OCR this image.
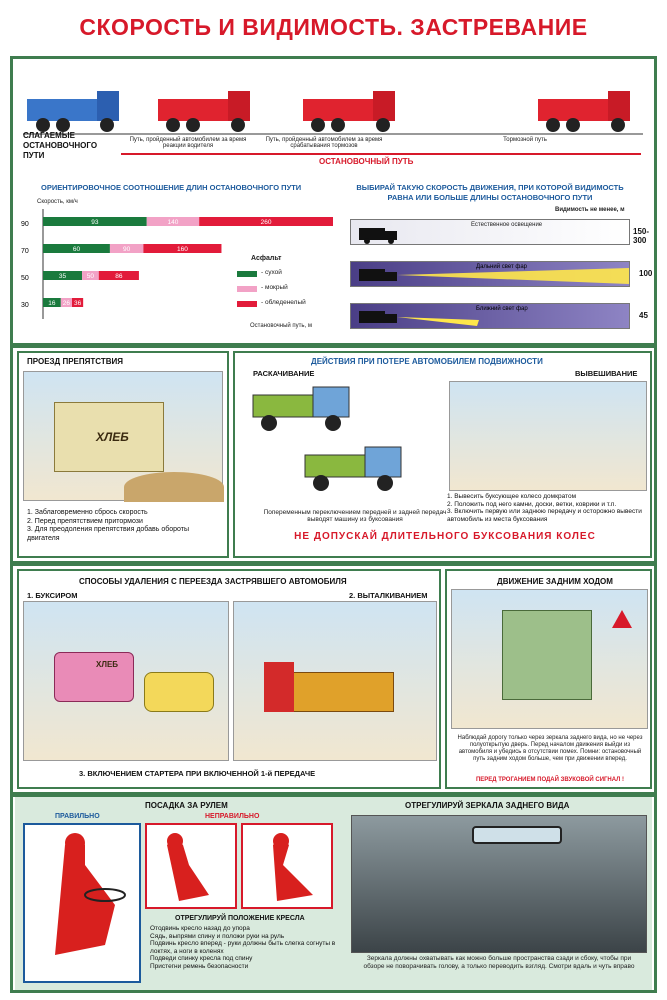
СКОРОСТЬ И ВИДИМОСТЬ. ЗАСТРЕВАНИЕ
СЛАГАЕМЫЕ ОСТАНОВОЧНОГО ПУТИ
Путь, пройденный автомобилем за время реакции водителя
Путь, пройденный автомобилем за время срабатывания тормозов
Тормозной путь
ОСТАНОВОЧНЫЙ ПУТЬ
ОРИЕНТИРОВОЧНОЕ СООТНОШЕНИЕ ДЛИН ОСТАНОВОЧНОГО ПУТИ
Скорость, км/ч
90	93	140	260
70	60	90	160
50	35	50	86
30	16 26 36
Остановочный путь, м
Асфальт
- сухой
- мокрый
- обледенелый
ВЫБИРАЙ ТАКУЮ СКОРОСТЬ ДВИЖЕНИЯ, ПРИ КОТОРОЙ ВИДИМОСТЬ РАВНА ИЛИ БОЛЬШЕ ДЛИНЫ ОСТАНОВОЧНОГО ПУТИ
Видимость не менее, м
Естественное освещение
150-300
Дальний свет фар
100
Ближний свет фар
45
ПРОЕЗД ПРЕПЯТСТВИЯ
ХЛЕБ
1. Заблаговременно сбрось скорость
2. Перед препятствием притормози
3. Для преодоления препятствия добавь обороты двигателя
ДЕЙСТВИЯ ПРИ ПОТЕРЕ АВТОМОБИЛЕМ ПОДВИЖНОСТИ
РАСКАЧИВАНИЕ	ВЫВЕШИВАНИЕ
Попеременным переключением передней и задней передач выводят машину из буксования
1. Вывесить буксующее колесо домкратом
2. Положить под него камни, доски, ветки, коврики и т.п.
3. Включить первую или заднюю передачу и осторожно вывести автомобиль из места буксования
НЕ ДОПУСКАЙ ДЛИТЕЛЬНОГО БУКСОВАНИЯ КОЛЕС
СПОСОБЫ УДАЛЕНИЯ С ПЕРЕЕЗДА ЗАСТРЯВШЕГО АВТОМОБИЛЯ
1. БУКСИРОМ	2. ВЫТАЛКИВАНИЕМ
ХЛЕБ
3. ВКЛЮЧЕНИЕМ СТАРТЕРА ПРИ ВКЛЮЧЕННОЙ 1-й ПЕРЕДАЧЕ
ДВИЖЕНИЕ ЗАДНИМ ХОДОМ
Наблюдай дорогу только через зеркала заднего вида, но не через полуоткрытую дверь. Перед началом движения выйди из автомобиля и убедись в отсутствии помех. Помни: остановочный путь задним ходом больше, чем при движении вперед.
ПЕРЕД ТРОГАНИЕМ ПОДАЙ ЗВУКОВОЙ СИГНАЛ !
ПОСАДКА ЗА РУЛЕМ
ПРАВИЛЬНО	НЕПРАВИЛЬНО
ОТРЕГУЛИРУЙ ПОЛОЖЕНИЕ КРЕСЛА
Отодвинь кресло назад до упора
Сядь, выпрями спину и положи руки на руль
Подвинь кресло вперед - руки должны быть слегка согнуты в локтях, а ноги в коленях
Подведи спинку кресла под спину
Пристегни ремень безопасности
ОТРЕГУЛИРУЙ ЗЕРКАЛА ЗАДНЕГО ВИДА
Зеркала должны охватывать как можно больше пространства сзади и сбоку, чтобы при обзоре не поворачивать голову, а только переводить взгляд. Смотри вдаль и чуть вправо
